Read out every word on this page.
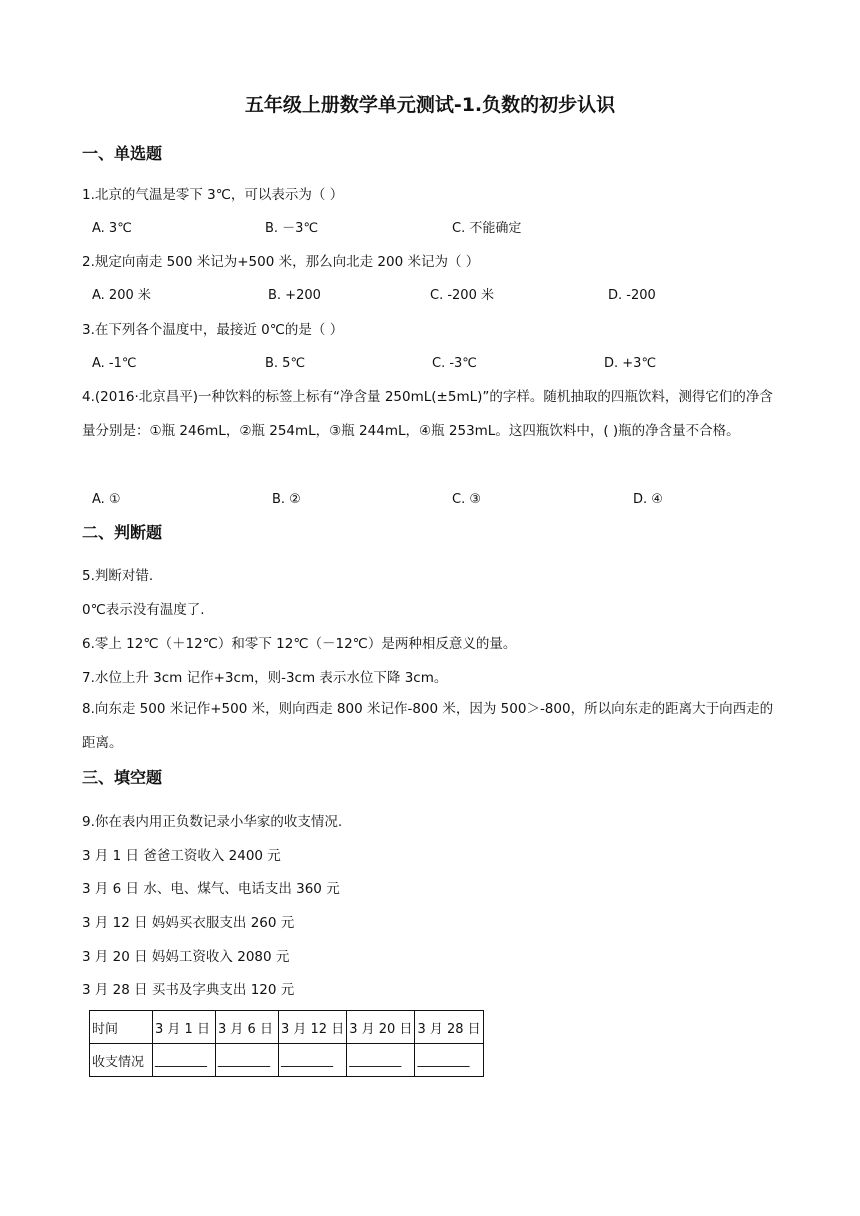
五年级上册数学单元测试-1.负数的初步认识
一、单选题
1.北京的气温是零下 3℃，可以表示为（ ）
A. 3℃	B. －3℃	C. 不能确定
2.规定向南走 500 米记为+500 米，那么向北走 200 米记为（ ）
A. 200 米	B. +200	C. -200 米	D. -200
3.在下列各个温度中，最接近 0℃的是（ ）
A. -1℃	B. 5℃	C. -3℃	D. +3℃
4.(2016·北京昌平)一种饮料的标签上标有“净含量 250mL(±5mL)”的字样。随机抽取的四瓶饮料，测得它们的净含量分别是：①瓶 246mL，②瓶 254mL，③瓶 244mL，④瓶 253mL。这四瓶饮料中，( )瓶的净含量不合格。
A. ①	B. ②	C. ③	D. ④
二、判断题
5.判断对错.
0℃表示没有温度了.
6.零上 12℃（＋12℃）和零下 12℃（－12℃）是两种相反意义的量。
7.水位上升 3cm 记作+3cm，则-3cm 表示水位下降 3cm。
8.向东走 500 米记作+500 米，则向西走 800 米记作-800 米，因为 500＞-800，所以向东走的距离大于向西走的距离。
三、填空题
9.你在表内用正负数记录小华家的收支情况.
3 月 1 日 爸爸工资收入 2400 元
3 月 6 日 水、电、煤气、电话支出 360 元
3 月 12 日 妈妈买衣服支出 260 元
3 月 20 日 妈妈工资收入 2080 元
3 月 28 日 买书及字典支出 120 元
时间	3 月 1 日	3 月 6 日	3 月 12 日	3 月 20 日	3 月 28 日
收支情况	________	________	________	________	________
